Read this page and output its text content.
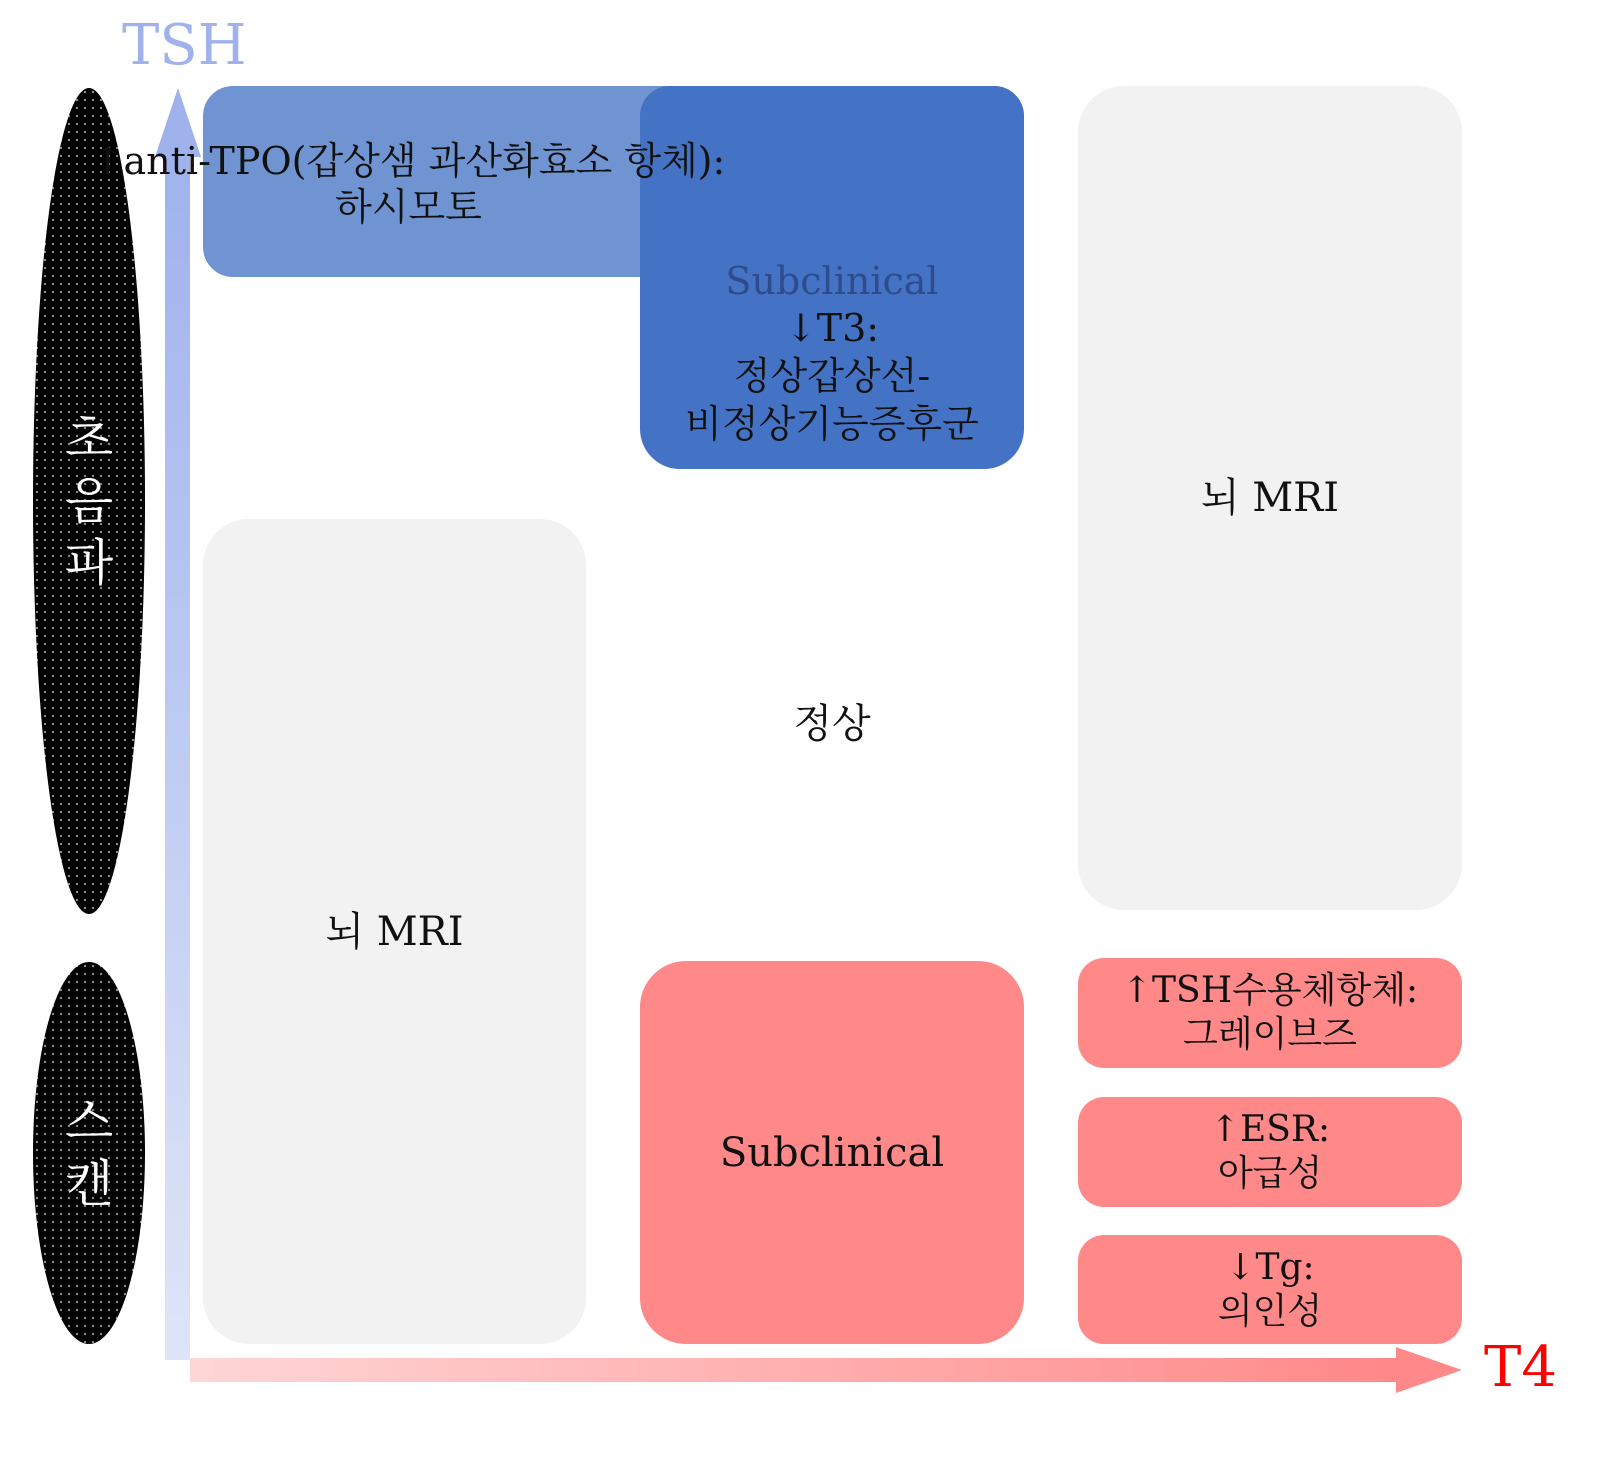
초
음
파
스
캔
TSH
T4
뇌 MRI
뇌 MRI
정상
↑anti-TPO(갑상샘 과산화효소 항체):
하시모토
Subclinical
↓T3:
정상갑상선-
비정상기능증후군
Subclinical
↑TSH수용체항체:
그레이브즈
↑ESR:
아급성
↓Tg:
의인성
